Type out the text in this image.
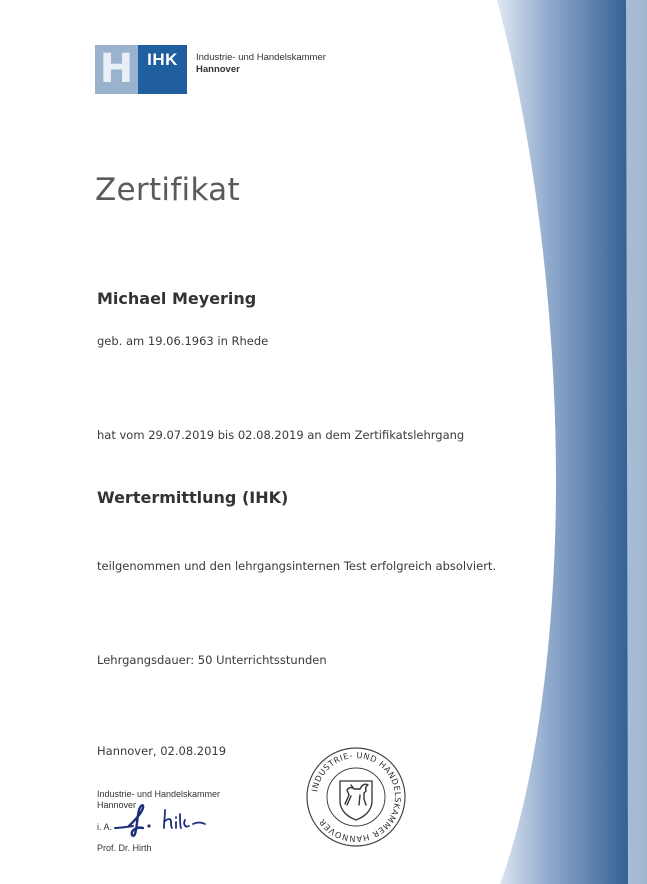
H IHK	Industrie- und Handelskammer
Hannover
Zertifikat
Michael Meyering
geb. am 19.06.1963 in Rhede
hat vom 29.07.2019 bis 02.08.2019 an dem Zertifikatslehrgang
Wertermittlung (IHK)
teilgenommen und den lehrgangsinternen Test erfolgreich absolviert.
Lehrgangsdauer: 50 Unterrichtsstunden
Hannover, 02.08.2019
Industrie- und Handelskammer
Hannover
i. A.
Prof. Dr. Hirth
INDUSTRIE- UND HANDELSKAMMER HANNOVER
